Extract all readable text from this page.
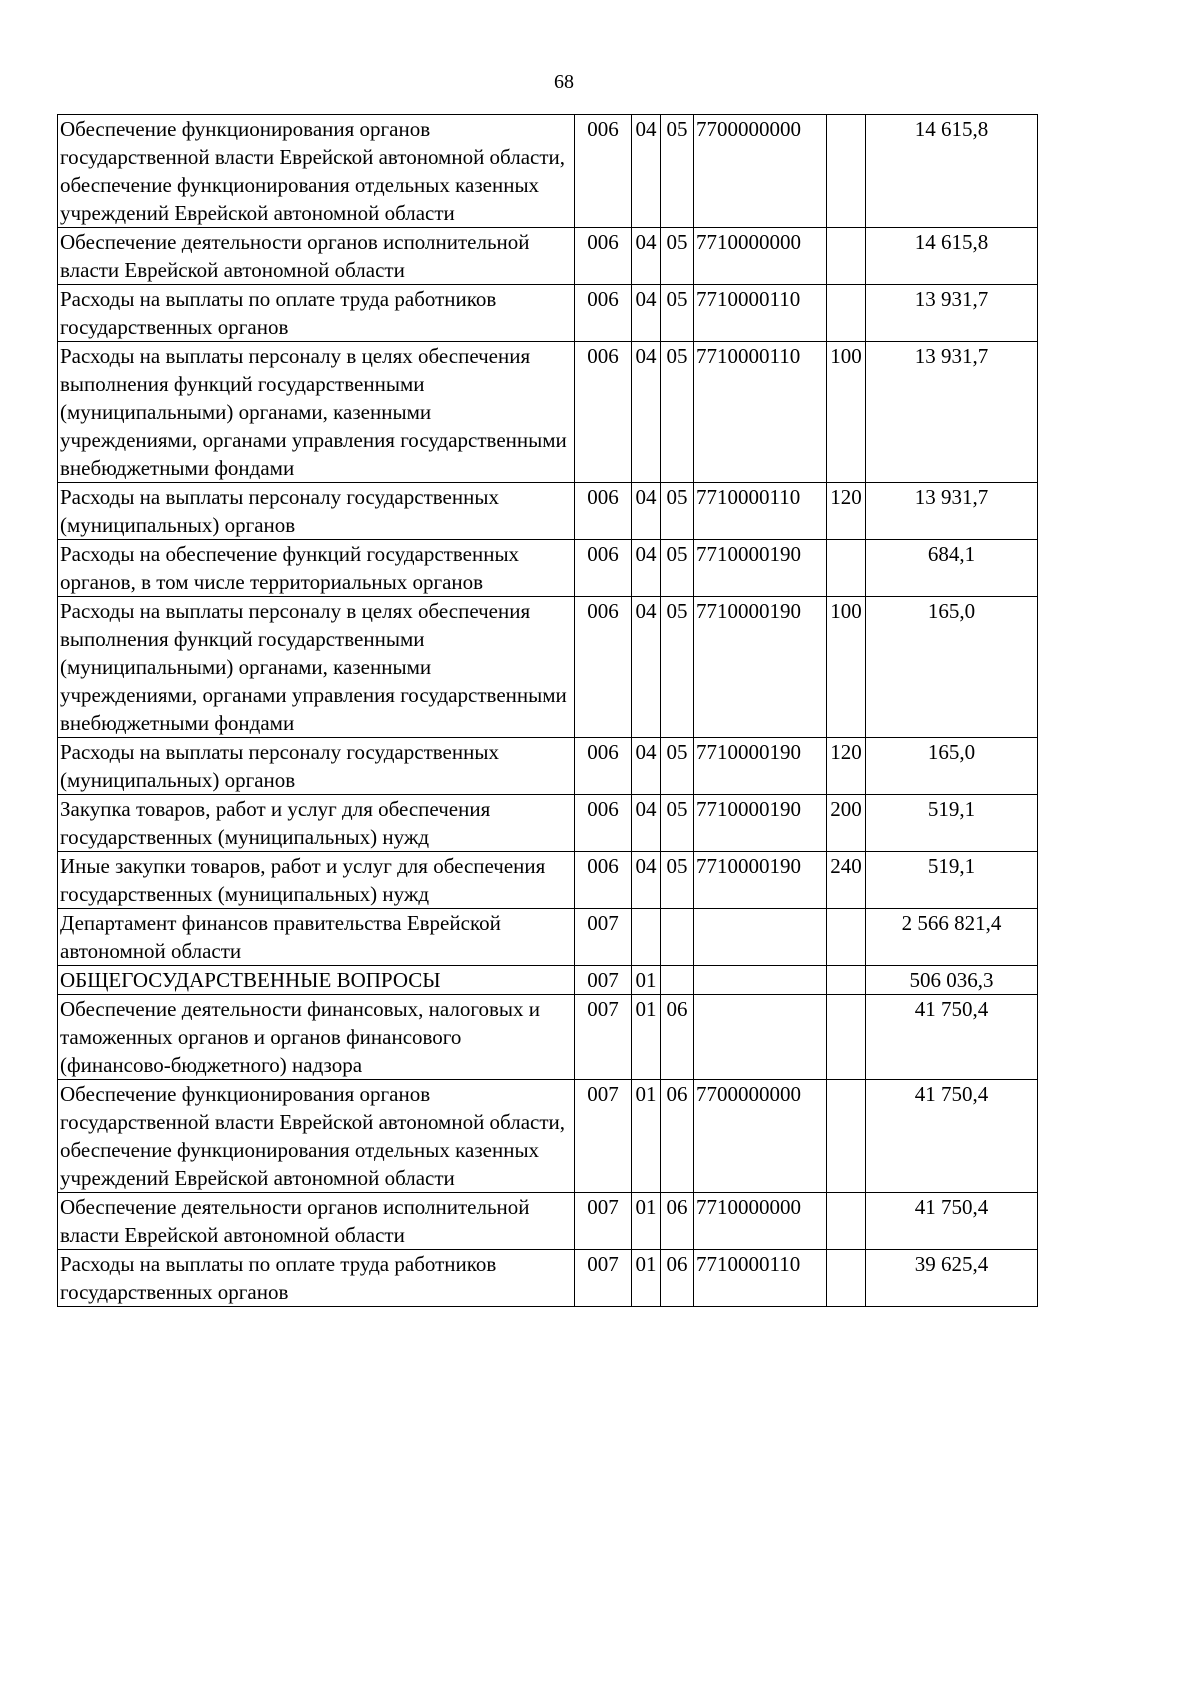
68
Обеспечение функционирования органов государственной власти Еврейской автономной области, обеспечение функционирования отдельных казенных учреждений Еврейской автономной области	006	04	05	7700000000		14 615,8
Обеспечение деятельности органов исполнительной власти Еврейской автономной области	006	04	05	7710000000		14 615,8
Расходы на выплаты по оплате труда работников государственных органов	006	04	05	7710000110		13 931,7
Расходы на выплаты персоналу в целях обеспечения выполнения функций государственными (муниципальными) органами, казенными учреждениями, органами управления государственными внебюджетными фондами	006	04	05	7710000110	100	13 931,7
Расходы на выплаты персоналу государственных (муниципальных) органов	006	04	05	7710000110	120	13 931,7
Расходы на обеспечение функций государственных органов, в том числе территориальных органов	006	04	05	7710000190		684,1
Расходы на выплаты персоналу в целях обеспечения выполнения функций государственными (муниципальными) органами, казенными учреждениями, органами управления государственными внебюджетными фондами	006	04	05	7710000190	100	165,0
Расходы на выплаты персоналу государственных (муниципальных) органов	006	04	05	7710000190	120	165,0
Закупка товаров, работ и услуг для обеспечения государственных (муниципальных) нужд	006	04	05	7710000190	200	519,1
Иные закупки товаров, работ и услуг для обеспечения государственных (муниципальных) нужд	006	04	05	7710000190	240	519,1
Департамент финансов правительства Еврейской автономной области	007					2 566 821,4
ОБЩЕГОСУДАРСТВЕННЫЕ ВОПРОСЫ	007	01				506 036,3
Обеспечение деятельности финансовых, налоговых и таможенных органов и органов финансового (финансово-бюджетного) надзора	007	01	06			41 750,4
Обеспечение функционирования органов государственной власти Еврейской автономной области, обеспечение функционирования отдельных казенных учреждений Еврейской автономной области	007	01	06	7700000000		41 750,4
Обеспечение деятельности органов исполнительной власти Еврейской автономной области	007	01	06	7710000000		41 750,4
Расходы на выплаты по оплате труда работников государственных органов	007	01	06	7710000110		39 625,4
